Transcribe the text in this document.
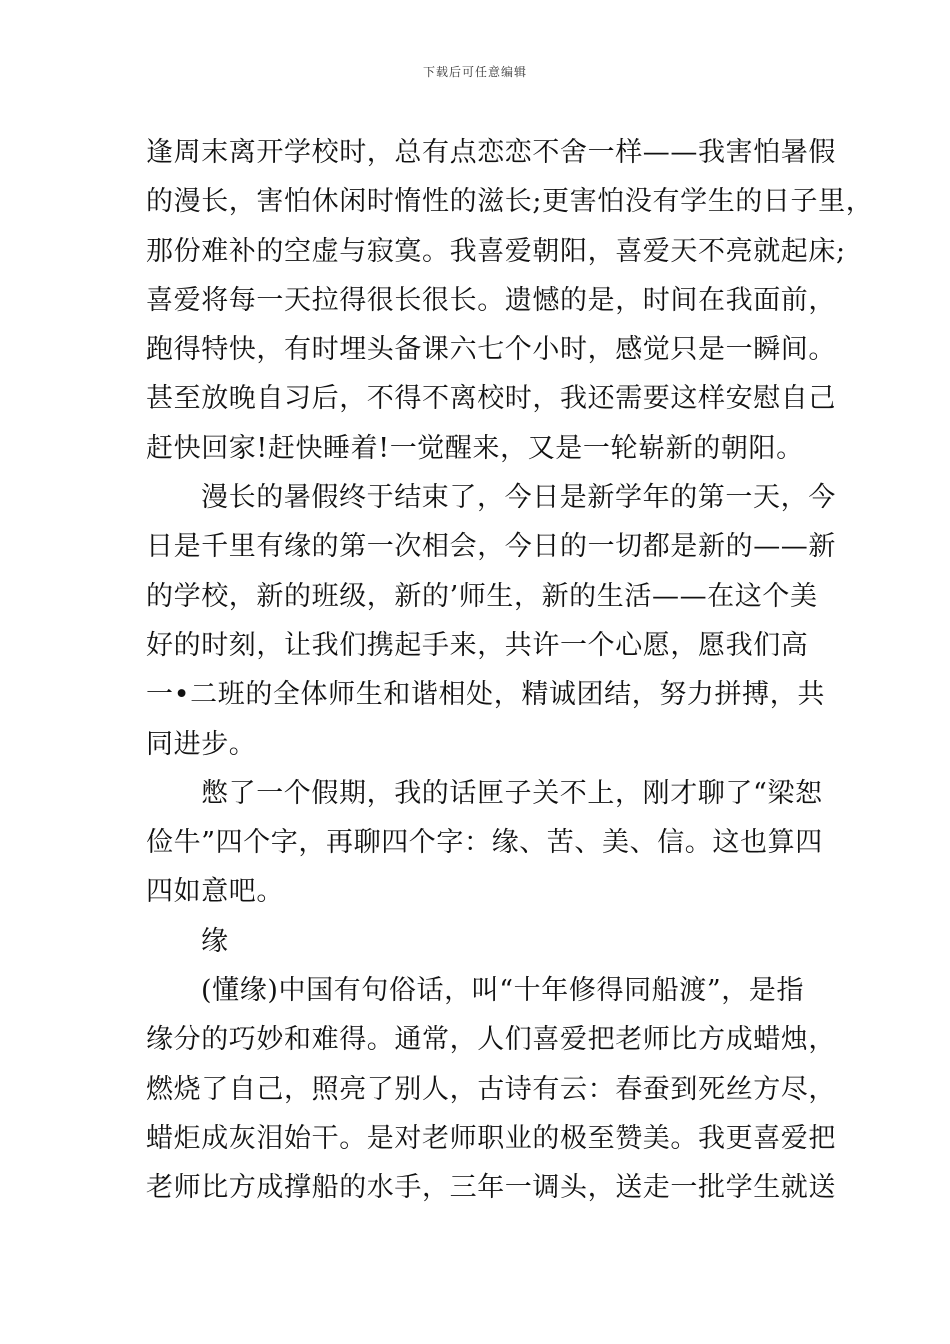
下载后可任意编辑
逢周末离开学校时，总有点恋恋不舍一样——我害怕暑假
的漫长，害怕休闲时惰性的滋长;更害怕没有学生的日子里，
那份难补的空虚与寂寞。我喜爱朝阳，喜爱天不亮就起床;
喜爱将每一天拉得很长很长。遗憾的是，时间在我面前，
跑得特快，有时埋头备课六七个小时，感觉只是一瞬间。
甚至放晚自习后，不得不离校时，我还需要这样安慰自己
赶快回家!赶快睡着!一觉醒来，又是一轮崭新的朝阳。
漫长的暑假终于结束了，今日是新学年的第一天，今
日是千里有缘的第一次相会，今日的一切都是新的——新
的学校，新的班级，新的’师生，新的生活——在这个美
好的时刻，让我们携起手来，共许一个心愿，愿我们高
一•二班的全体师生和谐相处，精诚团结，努力拼搏，共
同进步。
憋了一个假期，我的话匣子关不上，刚才聊了“梁恕
俭牛”四个字，再聊四个字：缘、苦、美、信。这也算四
四如意吧。
缘
(懂缘)中国有句俗话，叫“十年修得同船渡”，是指
缘分的巧妙和难得。通常，人们喜爱把老师比方成蜡烛，
燃烧了自己，照亮了别人，古诗有云：春蚕到死丝方尽，
蜡炬成灰泪始干。是对老师职业的极至赞美。我更喜爱把
老师比方成撑船的水手，三年一调头，送走一批学生就送
